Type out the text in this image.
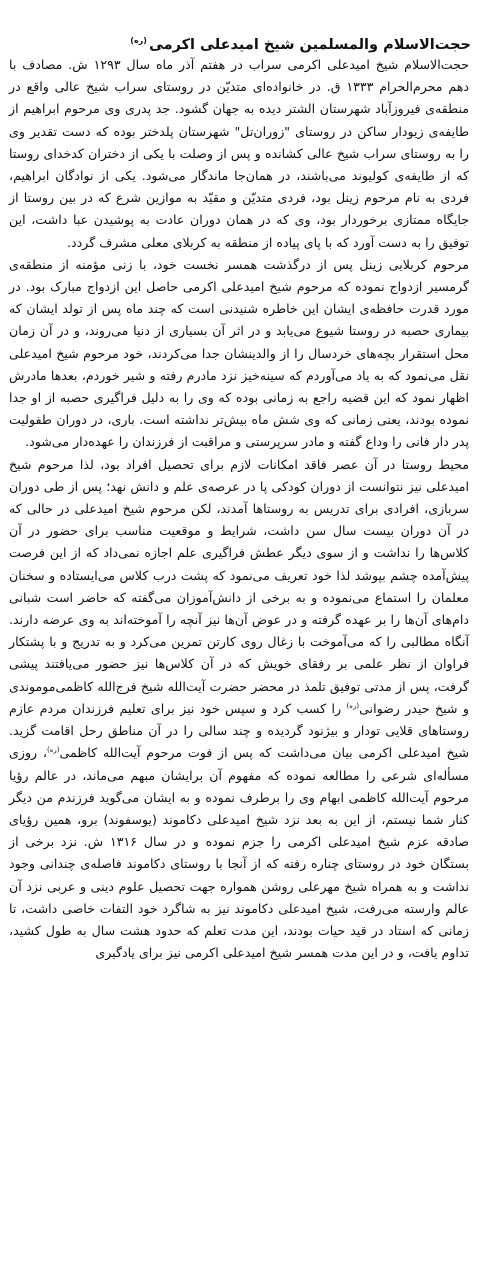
حجت‌الاسلام والمسلمین شیخ امیدعلی اکرمی$^{(ره)}$

حجت‌الاسلام شیخ امیدعلی اکرمی سراب در هفتم آذر ماه سال ۱۲۹۳ ش. مصادف با دهم محرم‌الحرام ۱۳۳۳ ق. در خانواده‌ای متدیّن در روستای سراب شیخ عالی واقع در منطقه‌ی فیروزآباد شهرستان الشتر دیده به جهان گشود. جد پدری وی مرحوم ابراهیم از طایفه‌ی زیودار ساکن در روستای "زوران‌تل" شهرستان پلدختر بوده که دست تقدیر وی را به روستای سراب شیخ عالی کشانده و پس از وصلت با یکی از دختران کدخدای روستا که از طایفه‌ی کولیوند می‌باشند، در همان‌جا ماندگار می‌شود. یکی از نوادگان ابراهیم، فردی به نام مرحوم زینل بود، فردی متدیّن و مقیّد به موازین شرع که در بین روستا از جایگاه ممتازی برخوردار بود، وی که در همان دوران عادت به پوشیدن عبا داشت، این توفیق را به دست آورد که با پای پیاده از منطقه به کربلای معلی مشرف گردد.

مرحوم کربلایی زینل پس از درگذشت همسر نخست خود، با زنی مؤمنه از منطقه‌ی گرمسیر ازدواج نموده که مرحوم شیخ امیدعلی اکرمی حاصل این ازدواج مبارک بود. در مورد قدرت حافظه‌ی ایشان این خاطره شنیدنی است که چند ماه پس از تولد ایشان که بیماری حصبه در روستا شیوع می‌یابد و در اثر آن بسیاری از دنیا می‌روند، و در آن زمان محل استقرار بچه‌های خردسال را از والدینشان جدا می‌کردند، خود مرحوم شیخ امیدعلی نقل می‌نمود که به یاد می‌آوردم که سینه‌خیز نزد مادرم رفته و شیر خوردم، بعدها مادرش اظهار نمود که این قضیه راجع به زمانی بوده که وی را به دلیل فراگیری حصبه از او جدا نموده بودند، یعنی زمانی که وی شش ماه بیش‌تر نداشته است. باری، در دوران طفولیت پدر دار فانی را وداع گفته و مادر سرپرستی و مراقبت از فرزندان را عهده‌دار می‌شود.

محیط روستا در آن عصر فاقد امکانات لازم برای تحصیل افراد بود، لذا مرحوم شیخ امیدعلی نیز نتوانست از دوران کودکی پا در عرصه‌ی علم و دانش نهد؛ پس از طی دوران سربازی، افرادی برای تدریس به روستاها آمدند، لکن مرحوم شیخ امیدعلی در حالی که در آن دوران بیست سال سن داشت، شرایط و موقعیت مناسب برای حضور در آن کلاس‌ها را نداشت و از سوی دیگر عطش فراگیری علم اجازه نمی‌داد که از این فرصت پیش‌آمده چشم بپوشد لذا خود تعریف می‌نمود که پشت درب کلاس می‌ایستاده و سخنان معلمان را استماع می‌نموده و به برخی از دانش‌آموزان می‌گفته که حاضر است شبانی دام‌های آن‌ها را بر عهده گرفته و در عوض آن‌ها نیز آنچه را آموخته‌اند به وی عرضه دارند. آنگاه مطالبی را که می‌آموخت با زغال روی کارتن تمرین می‌کرد و به تدریج و با پشتکار فراوان از نظر علمی بر رفقای خویش که در آن کلاس‌ها نیز حضور می‌یافتند پیشی گرفت، پس از مدتی توفیق تلمذ در محضر حضرت آیت‌الله شیخ فرج‌الله کاظمی‌موموندی و شیخ حیدر رضوانی$^{(ره)}$ را کسب کرد و سپس خود نیز برای تعلیم فرزندان مردم عازم روستاهای قلایی تودار و بیژنود گردیده و چند سالی را در آن مناطق رحل اقامت گزید. شیخ امیدعلی اکرمی بیان می‌داشت که پس از فوت مرحوم آیت‌الله کاظمی$^{(ره)}$، روزی مسأله‌ای شرعی را مطالعه نموده که مفهوم آن برایشان مبهم می‌ماند، در عالم رؤیا مرحوم آیت‌الله کاظمی ابهام وی را برطرف نموده و به ایشان می‌گوید فرزندم من دیگر کنار شما نیستم، از این به بعد نزد شیخ امیدعلی دکاموند (یوسفوند) برو، همین رؤیای صادقه عزم شیخ امیدعلی اکرمی را جزم نموده و در سال ۱۳۱۶ ش. نزد برخی از بستگان خود در روستای چناره رفته که از آنجا با روستای دکاموند فاصله‌ی چندانی وجود نداشت و به همراه شیخ مهرعلی روشن همواره جهت تحصیل علوم دینی و عربی نزد آن عالم وارسته می‌رفت، شیخ امیدعلی دکاموند نیز به شاگرد خود التفات خاصی داشت، تا زمانی که استاد در قید حیات بودند، این مدت تعلم که حدود هشت سال به طول کشید، تداوم یافت، و در این مدت همسر شیخ امیدعلی اکرمی نیز برای یادگیری
